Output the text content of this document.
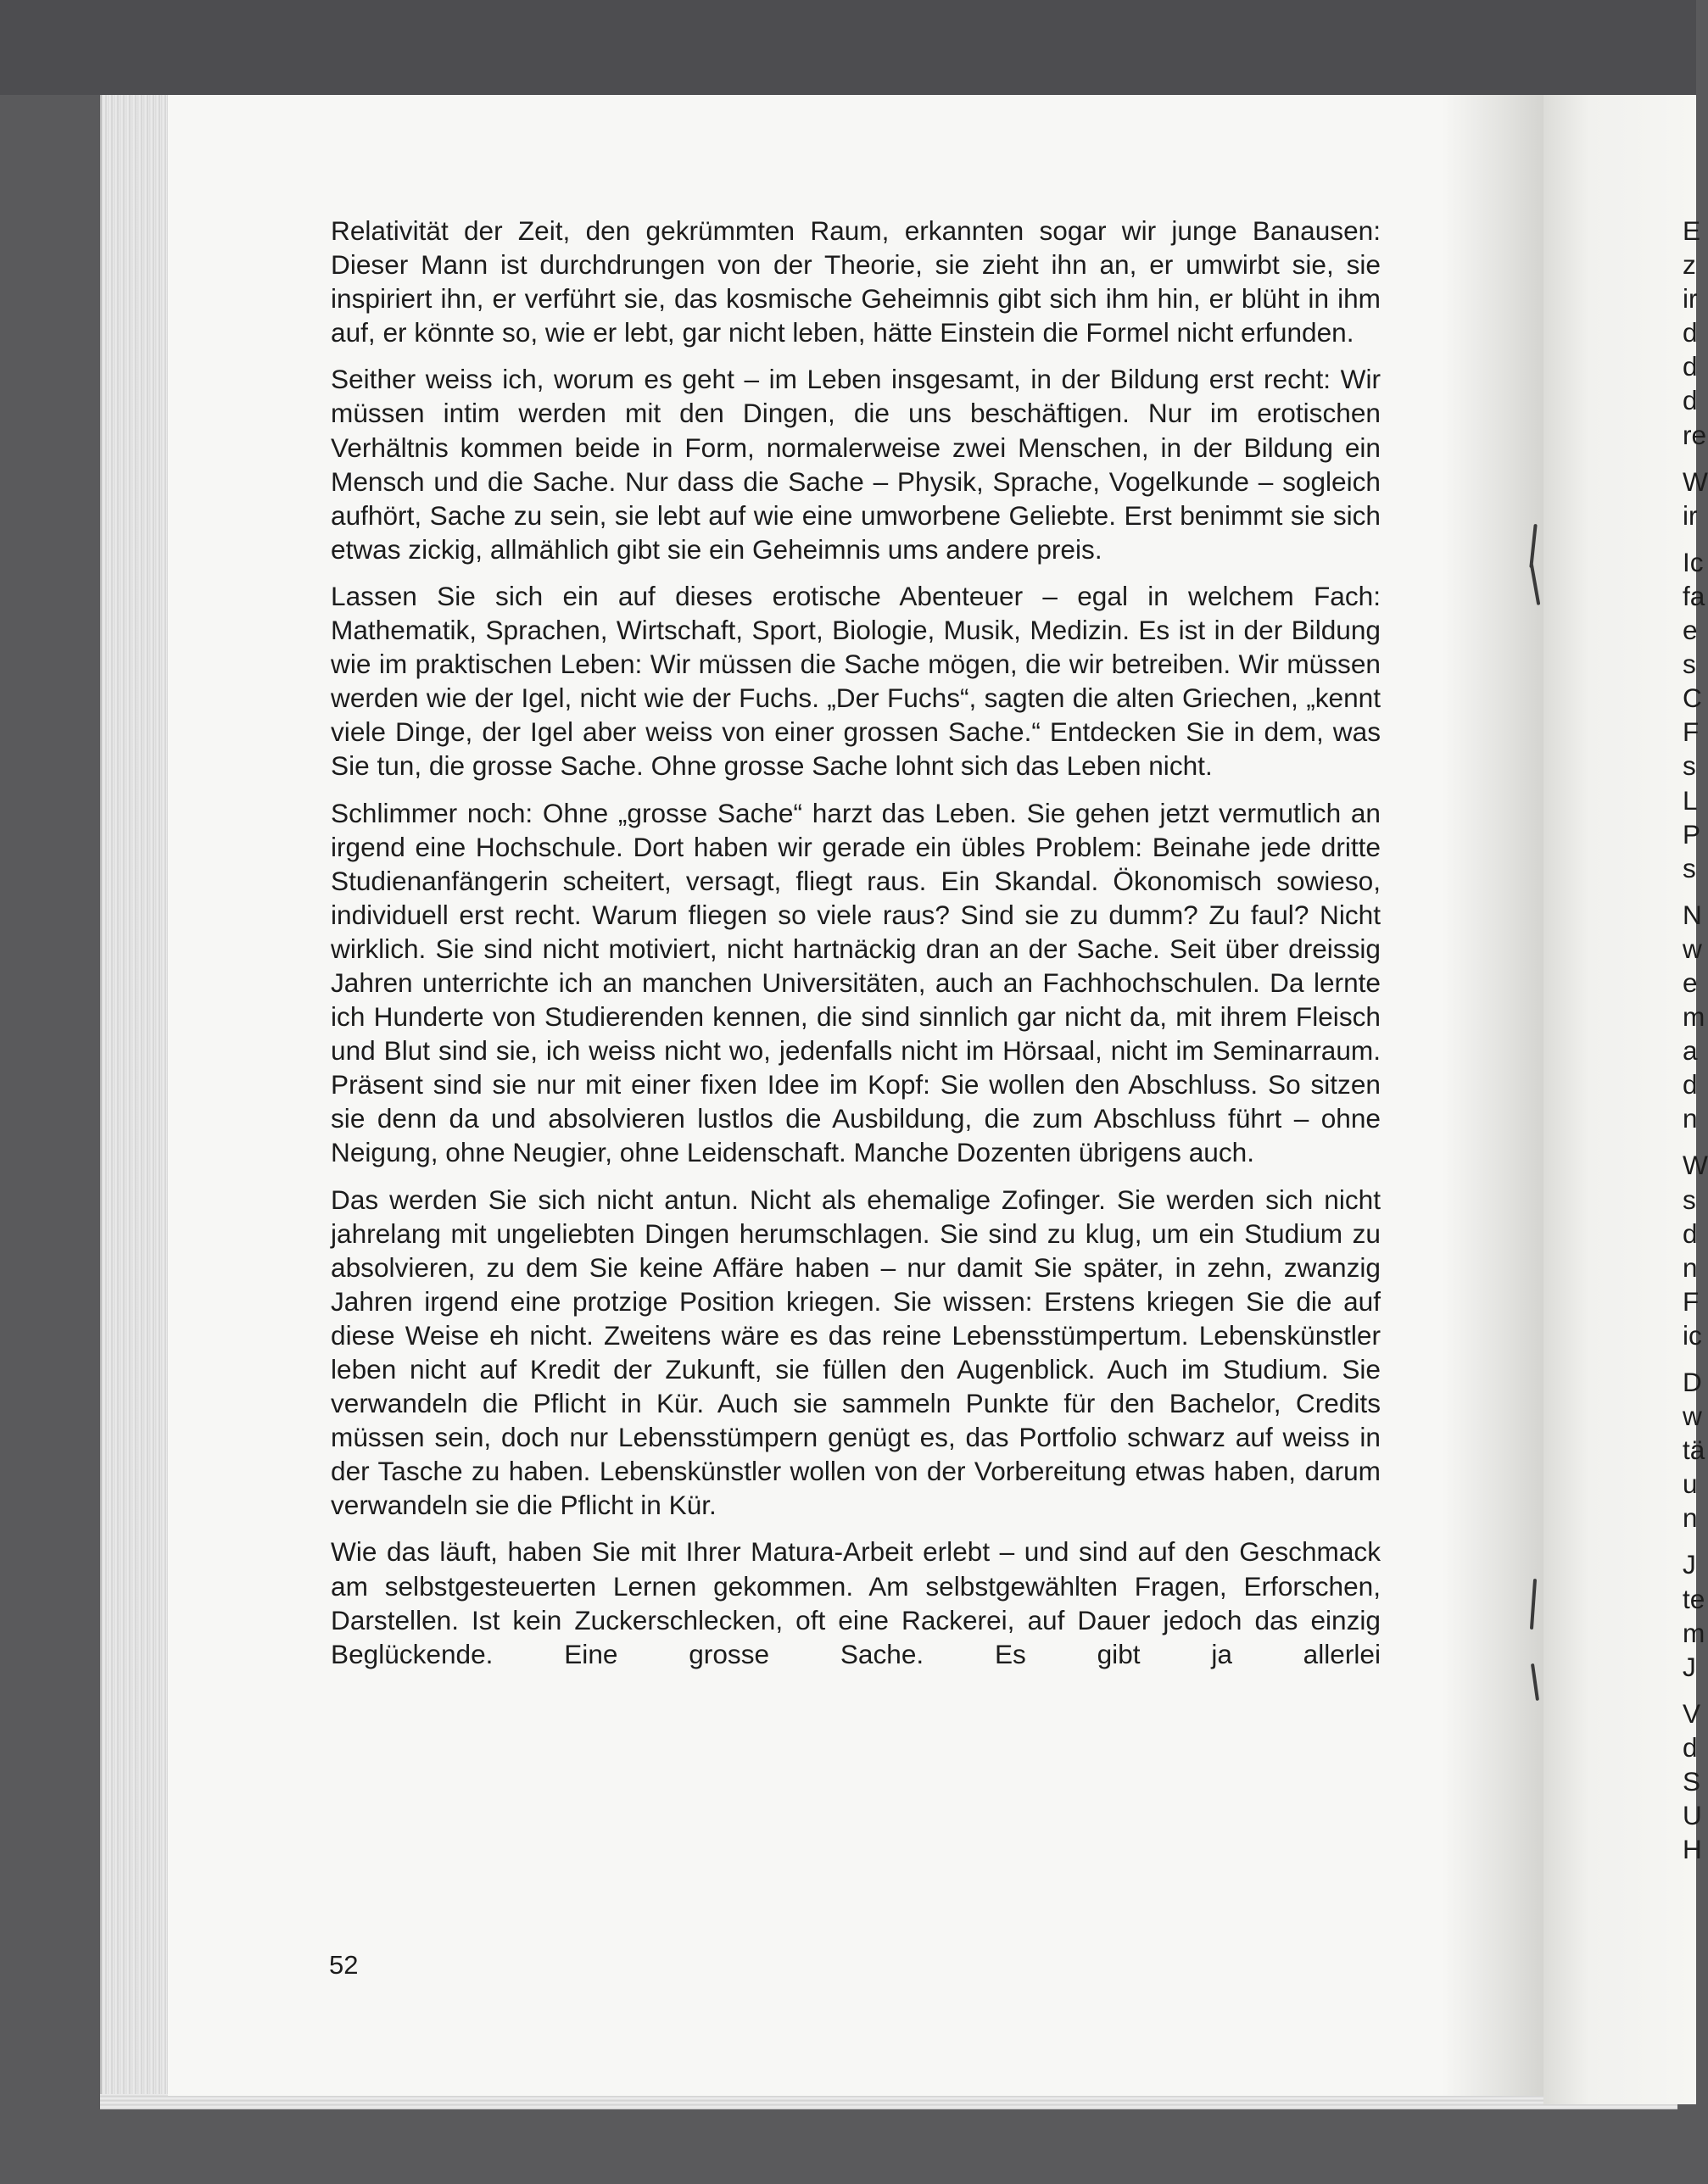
Relativität der Zeit, den gekrümmten Raum, erkannten sogar wir junge Banausen: Dieser Mann ist durchdrungen von der Theorie, sie zieht ihn an, er umwirbt sie, sie inspiriert ihn, er verführt sie, das kosmische Geheimnis gibt sich ihm hin, er blüht in ihm auf, er könnte so, wie er lebt, gar nicht leben, hätte Einstein die Formel nicht erfunden.

Seither weiss ich, worum es geht – im Leben insgesamt, in der Bildung erst recht: Wir müssen intim werden mit den Dingen, die uns beschäftigen. Nur im erotischen Verhältnis kommen beide in Form, normalerweise zwei Menschen, in der Bildung ein Mensch und die Sache. Nur dass die Sache – Physik, Sprache, Vogelkunde – sogleich aufhört, Sache zu sein, sie lebt auf wie eine umworbene Geliebte. Erst benimmt sie sich etwas zickig, allmählich gibt sie ein Geheimnis ums andere preis.

Lassen Sie sich ein auf dieses erotische Abenteuer – egal in welchem Fach: Mathematik, Sprachen, Wirtschaft, Sport, Biologie, Musik, Medizin. Es ist in der Bildung wie im praktischen Leben: Wir müssen die Sache mögen, die wir betreiben. Wir müssen werden wie der Igel, nicht wie der Fuchs. „Der Fuchs“, sagten die alten Griechen, „kennt viele Dinge, der Igel aber weiss von einer grossen Sache.“ Entdecken Sie in dem, was Sie tun, die grosse Sache. Ohne grosse Sache lohnt sich das Leben nicht.

Schlimmer noch: Ohne „grosse Sache“ harzt das Leben. Sie gehen jetzt vermutlich an irgend eine Hochschule. Dort haben wir gerade ein übles Problem: Beinahe jede dritte Studienanfängerin scheitert, versagt, fliegt raus. Ein Skandal. Ökonomisch sowieso, individuell erst recht. Warum fliegen so viele raus? Sind sie zu dumm? Zu faul? Nicht wirklich. Sie sind nicht motiviert, nicht hartnäckig dran an der Sache. Seit über dreissig Jahren unterrichte ich an manchen Universitäten, auch an Fachhochschulen. Da lernte ich Hunderte von Studierenden kennen, die sind sinnlich gar nicht da, mit ihrem Fleisch und Blut sind sie, ich weiss nicht wo, jedenfalls nicht im Hörsaal, nicht im Seminarraum. Präsent sind sie nur mit einer fixen Idee im Kopf: Sie wollen den Abschluss. So sitzen sie denn da und absolvieren lustlos die Ausbildung, die zum Abschluss führt – ohne Neigung, ohne Neugier, ohne Leidenschaft. Manche Dozenten übrigens auch.

Das werden Sie sich nicht antun. Nicht als ehemalige Zofinger. Sie werden sich nicht jahrelang mit ungeliebten Dingen herumschlagen. Sie sind zu klug, um ein Studium zu absolvieren, zu dem Sie keine Affäre haben – nur damit Sie später, in zehn, zwanzig Jahren irgend eine protzige Position kriegen. Sie wissen: Erstens kriegen Sie die auf diese Weise eh nicht. Zweitens wäre es das reine Lebensstümpertum. Lebenskünstler leben nicht auf Kredit der Zukunft, sie füllen den Augenblick. Auch im Studium. Sie verwandeln die Pflicht in Kür. Auch sie sammeln Punkte für den Bachelor, Credits müssen sein, doch nur Lebensstümpern genügt es, das Portfolio schwarz auf weiss in der Tasche zu haben. Lebenskünstler wollen von der Vorbereitung etwas haben, darum verwandeln sie die Pflicht in Kür.

Wie das läuft, haben Sie mit Ihrer Matura-Arbeit erlebt – und sind auf den Geschmack am selbstgesteuerten Lernen gekommen. Am selbstgewählten Fragen, Erforschen, Darstellen. Ist kein Zuckerschlecken, oft eine Rackerei, auf Dauer jedoch das einzig Beglückende. Eine grosse Sache. Es gibt ja allerlei

52
E
z
ir
d
d
d
re
W
ir
Ic
fa
e
s
C
F
s
L
P
s
N
w
e
m
a
d
n
W
s
d
n
F
ic
D
w
tä
u
n
J
te
m
J
V
d
S
U
H
